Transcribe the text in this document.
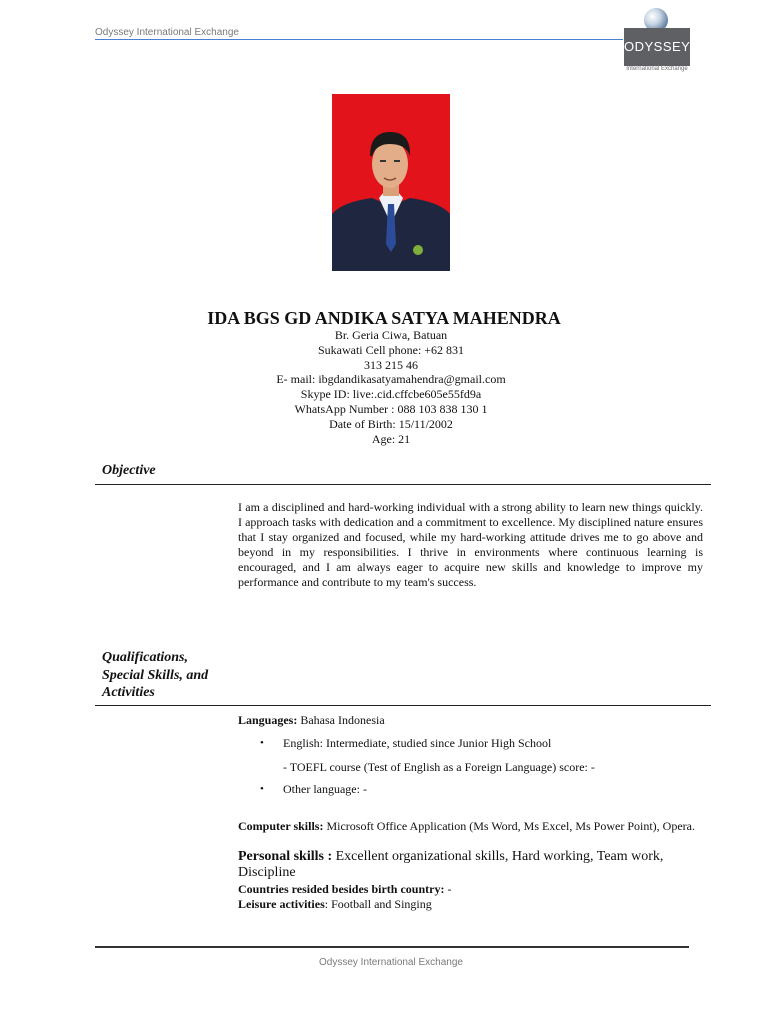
Odyssey International Exchange
ODYSSEY
International Exchange
IDA BGS GD ANDIKA SATYA MAHENDRA
Br. Geria Ciwa, Batuan
Sukawati Cell phone: +62 831
313 215 46
E- mail: ibgdandikasatyamahendra@gmail.com
Skype ID: live:.cid.cffcbe605e55fd9a
WhatsApp Number : 088 103 838 130 1
Date of Birth: 15/11/2002
Age: 21
Objective

I am a disciplined and hard-working individual with a strong ability to learn new things quickly. I approach tasks with dedication and a commitment to excellence. My disciplined nature ensures that I stay organized and focused, while my hard-working attitude drives me to go above and beyond in my responsibilities. I thrive in environments where continuous learning is encouraged, and I am always eager to acquire new skills and knowledge to improve my performance and contribute to my team's success.

Qualifications,
Special Skills, and
Activities
Languages: Bahasa Indonesia
• English: Intermediate, studied since Junior High School
- TOEFL course (Test of English as a Foreign Language) score: -
• Other language: -
Computer skills: Microsoft Office Application (Ms Word, Ms Excel, Ms Power Point), Opera.
Personal skills : Excellent organizational skills, Hard working, Team work, Discipline
Countries resided besides birth country: -
Leisure activities: Football and Singing
Odyssey International Exchange
